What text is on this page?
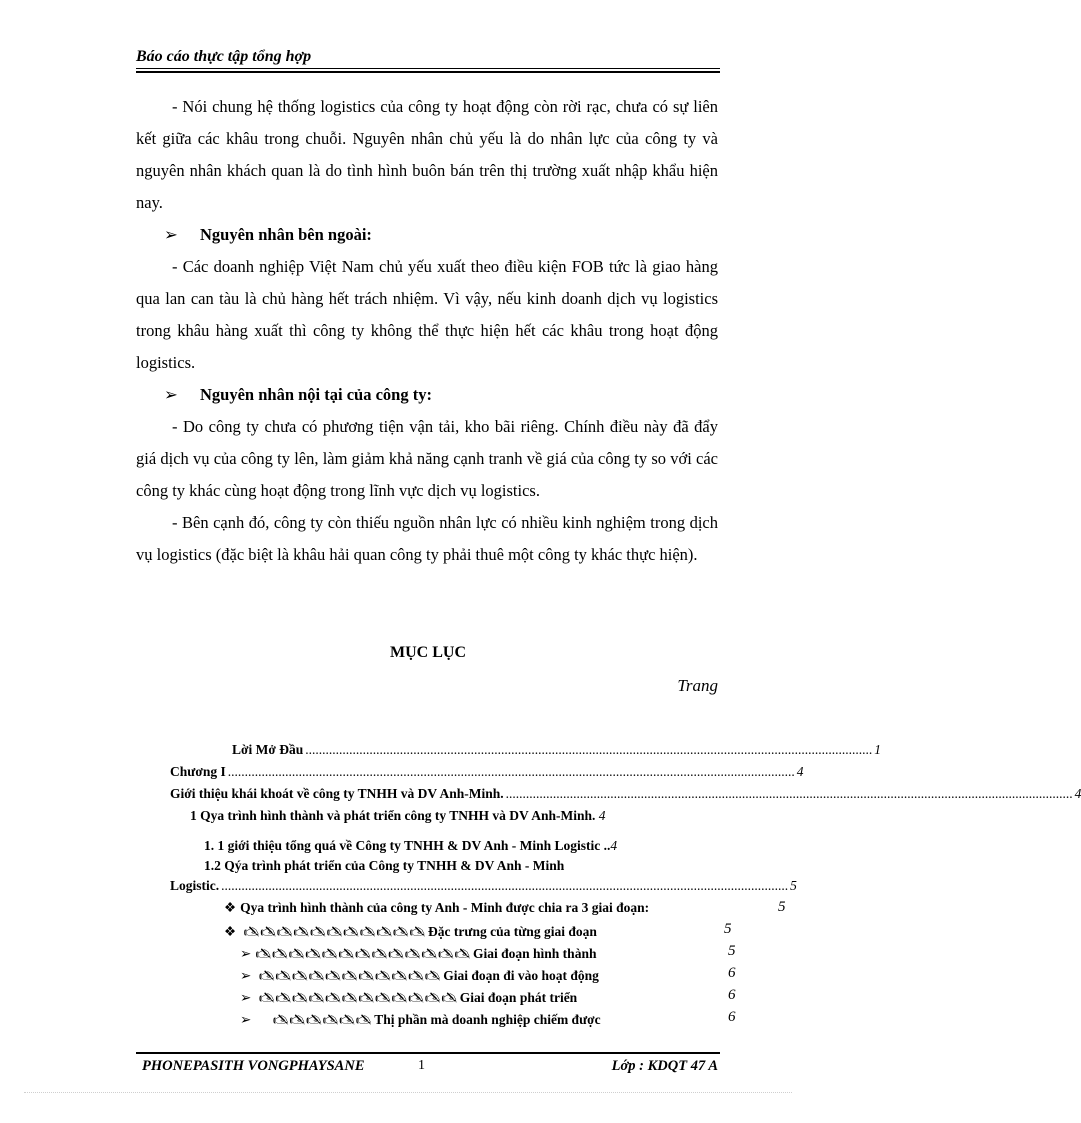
Báo cáo thực tập tổng hợp

- Nói chung hệ thống logistics của công ty hoạt động còn rời rạc, chưa có sự liên kết giữa các khâu trong chuỗi. Nguyên nhân chủ yếu là do nhân lực của công ty và nguyên nhân khách quan là do tình hình buôn bán trên thị trường xuất nhập khẩu hiện nay.

➢ Nguyên nhân bên ngoài:

- Các doanh nghiệp Việt Nam chủ yếu xuất theo điều kiện FOB tức là giao hàng qua lan can tàu là chủ hàng hết trách nhiệm. Vì vậy, nếu kinh doanh dịch vụ logistics trong khâu hàng xuất thì công ty không thể thực hiện hết các khâu trong hoạt động logistics.

➢ Nguyên nhân nội tại của công ty:

- Do công ty chưa có phương tiện vận tải, kho bãi riêng. Chính điều này đã đẩy giá dịch vụ của công ty lên, làm giảm khả năng cạnh tranh về giá của công ty so với các công ty khác cùng hoạt động trong lĩnh vực dịch vụ logistics.

- Bên cạnh đó, công ty còn thiếu nguồn nhân lực có nhiều kinh nghiệm trong dịch vụ logistics (đặc biệt là khâu hải quan công ty phải thuê một công ty khác thực hiện).

MỤC LỤC
Trang
Lời Mở Đầu ........................................................................................................................................................................ 1
Chương I ........................................................................................................................................................................ 4
Giới thiệu khái khoát về công ty TNHH và DV Anh-Minh. ........................................................................................................................................................................ 4
1 Qya trình hình thành và phát triển công ty TNHH và DV Anh-Minh. 4
1. 1 giới thiệu tổng quá về Công ty TNHH & DV Anh - Minh Logistic ..4
1.2 Qýa trình phát triển của Công ty TNHH & DV Anh - Minh
Logistic. ........................................................................................................................................................................ 5
❖ Qya trình hình thành của công ty Anh - Minh được chia ra 3 giai đoạn:	5
❖ 🖎🖎🖎🖎🖎🖎🖎🖎🖎🖎🖎 Đặc trưng của từng giai đoạn	5
➢ 🖎🖎🖎🖎🖎🖎🖎🖎🖎🖎🖎🖎🖎 Giai đoạn hình thành	5
➢ 🖎🖎🖎🖎🖎🖎🖎🖎🖎🖎🖎 Giai đoạn đi vào hoạt động	6
➢ 🖎🖎🖎🖎🖎🖎🖎🖎🖎🖎🖎🖎 Giai đoạn phát triển	6
➢ 🖎🖎🖎🖎🖎🖎 Thị phần mà doanh nghiệp chiếm được	6
PHONEPASITH VONGPHAYSANE	1	Lớp : KDQT 47 A
